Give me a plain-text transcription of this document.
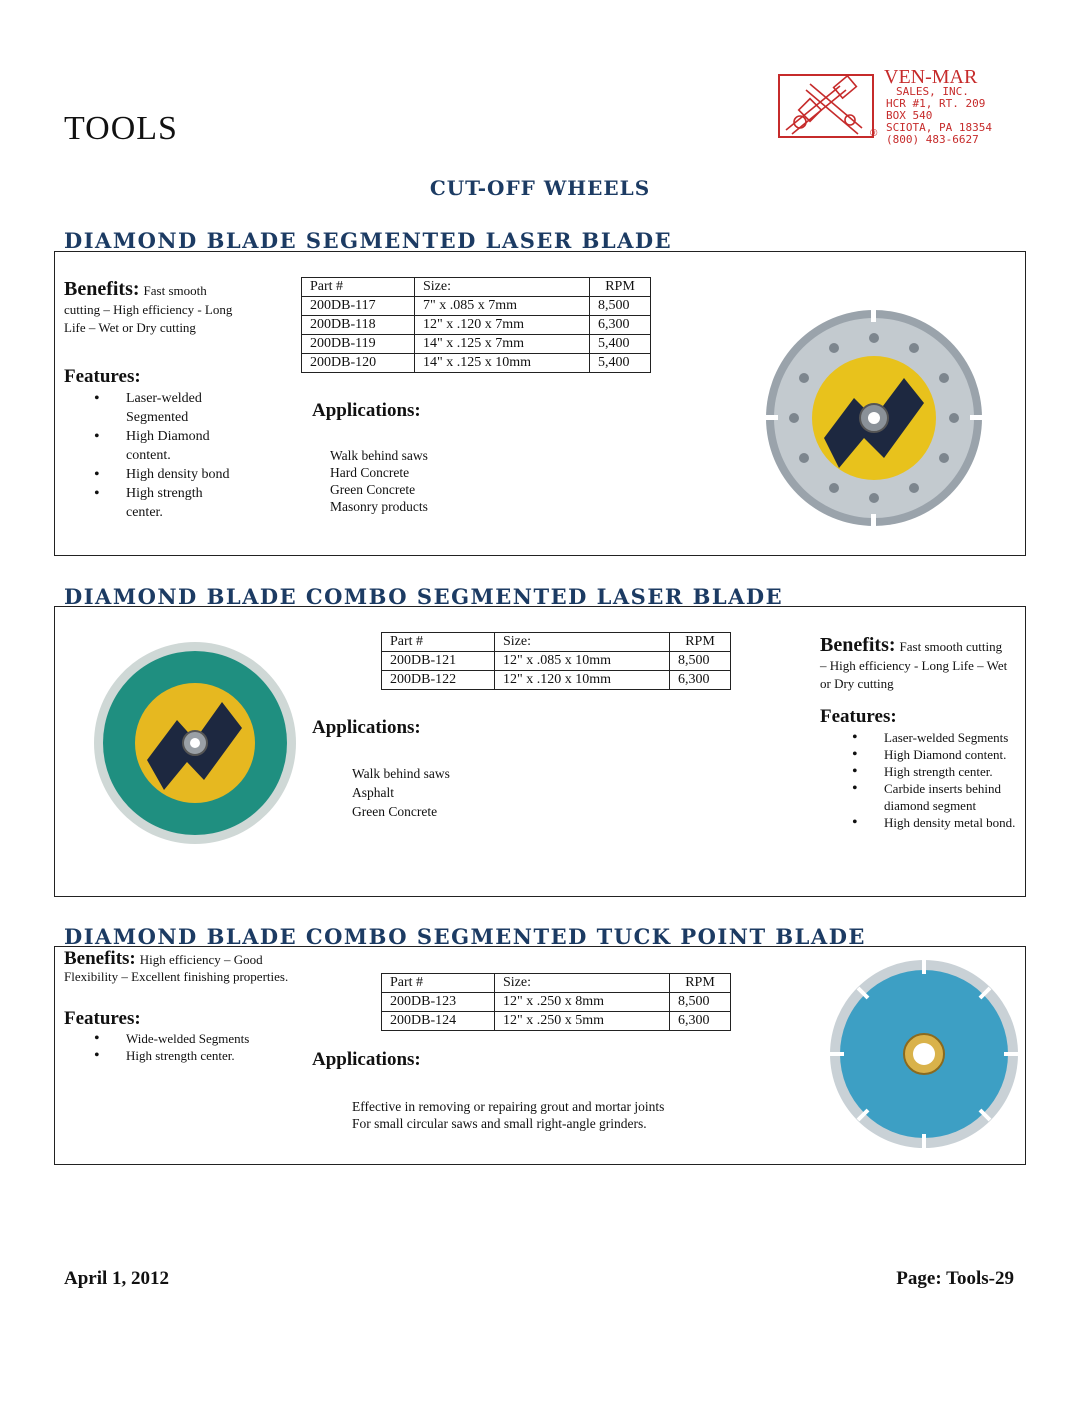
TOOLS	®
VEN-MAR
SALES, INC.
HCR #1, RT. 209
BOX 540
SCIOTA, PA 18354
(800) 483-6627
CUT-OFF WHEELS
DIAMOND BLADE SEGMENTED LASER BLADE
Benefits: Fast smooth cutting – High efficiency - Long Life – Wet or Dry cutting
Features:
• Laser-welded Segmented
• High Diamond content.
• High density bond
• High strength center.
Part #	Size:	RPM
200DB-117	7" x .085 x 7mm	8,500
200DB-118	12" x .120 x 7mm	6,300
200DB-119	14" x .125 x 7mm	5,400
200DB-120	14" x .125 x 10mm	5,400
Applications:
Walk behind saws
Hard Concrete
Green Concrete
Masonry products
DIAMOND BLADE COMBO SEGMENTED LASER BLADE
Part #	Size:	RPM
200DB-121	12" x .085 x 10mm	8,500
200DB-122	12" x .120 x 10mm	6,300
Applications:
Walk behind saws
Asphalt
Green Concrete
Benefits: Fast smooth cutting – High efficiency - Long Life – Wet or Dry cutting
Features:
• Laser-welded Segments
• High Diamond content.
• High strength center.
• Carbide inserts behind diamond segment
• High density metal bond.
DIAMOND BLADE COMBO SEGMENTED TUCK POINT BLADE
Benefits: High efficiency – Good Flexibility – Excellent finishing properties.
Features:
• Wide-welded Segments
• High strength center.
Part #	Size:	RPM
200DB-123	12" x .250 x 8mm	8,500
200DB-124	12" x .250 x 5mm	6,300
Applications:
Effective in removing or repairing grout and mortar joints
For small circular saws and small right-angle grinders.
April 1, 2012	Page: Tools-29
